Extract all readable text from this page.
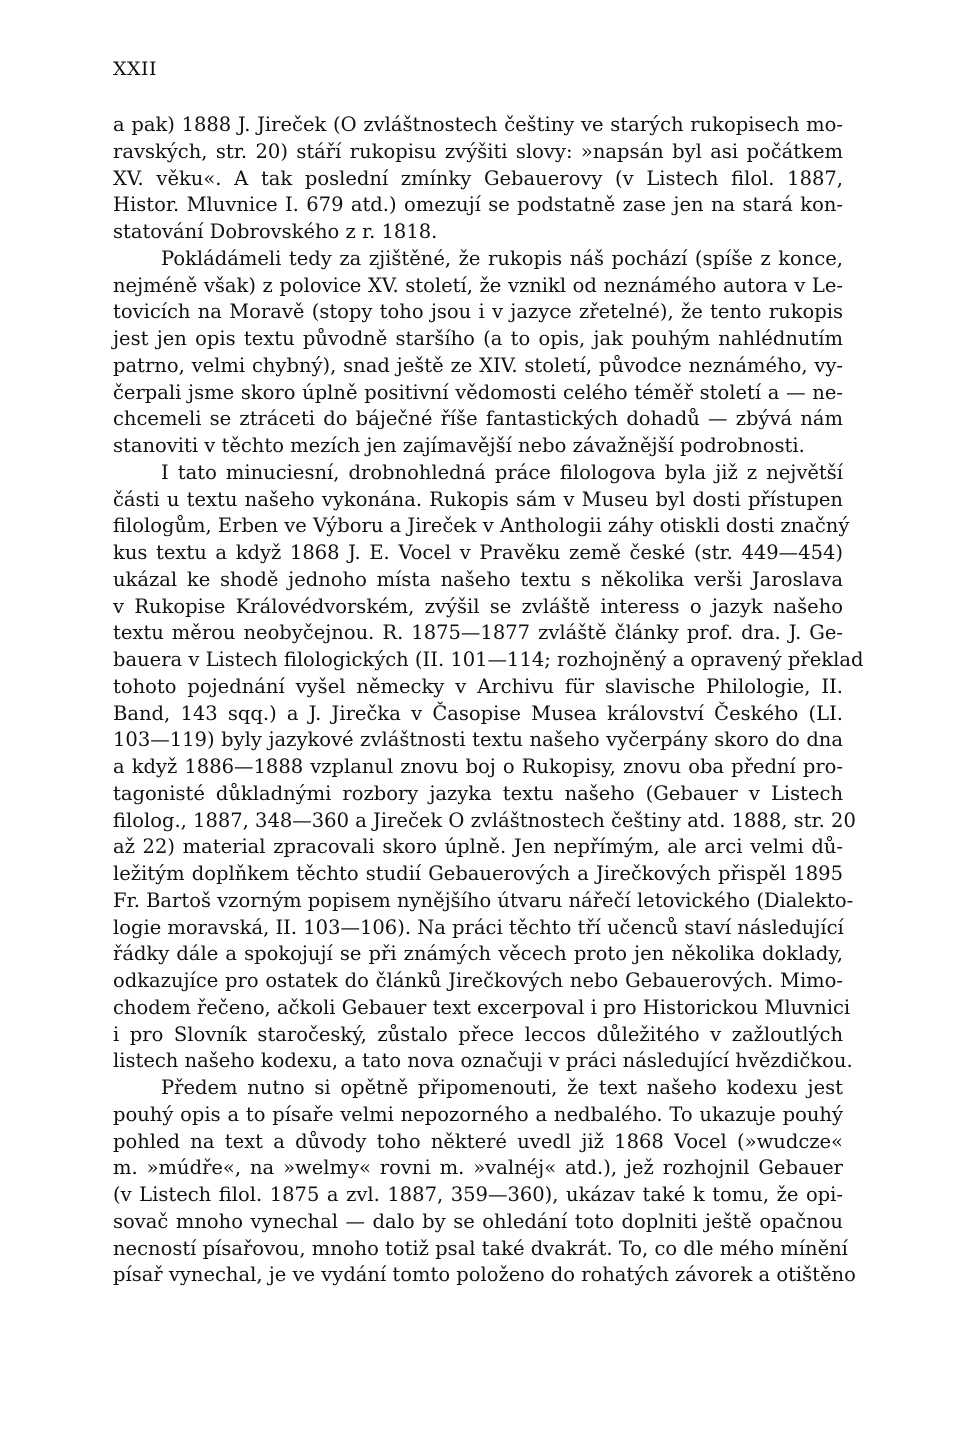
XXII
a pak) 1888 J. Jireček (O zvláštnostech češtiny ve starých rukopisech mo-
ravských, str. 20) stáří rukopisu zvýšiti slovy: »napsán byl asi počátkem
XV. věku«. A tak poslední zmínky Gebauerovy (v Listech filol. 1887,
Histor. Mluvnice I. 679 atd.) omezují se podstatně zase jen na stará kon-
statování Dobrovského z r. 1818.
Pokládámeli tedy za zjištěné, že rukopis náš pochází (spíše z konce,
nejméně však) z polovice XV. století, že vznikl od neznámého autora v Le-
tovicích na Moravě (stopy toho jsou i v jazyce zřetelné), že tento rukopis
jest jen opis textu původně staršího (a to opis, jak pouhým nahlédnutím
patrno, velmi chybný), snad ještě ze XIV. století, původce neznámého, vy-
čerpali jsme skoro úplně positivní vědomosti celého téměř století a — ne-
chcemeli se ztráceti do báječné říše fantastických dohadů — zbývá nám
stanoviti v těchto mezích jen zajímavější nebo závažnější podrobnosti.
I tato minuciesní, drobnohledná práce filologova byla již z největší
části u textu našeho vykonána. Rukopis sám v Museu byl dosti přístupen
filologům, Erben ve Výboru a Jireček v Anthologii záhy otiskli dosti značný
kus textu a když 1868 J. E. Vocel v Pravěku země české (str. 449—454)
ukázal ke shodě jednoho místa našeho textu s několika verši Jaroslava
v Rukopise Královédvorském, zvýšil se zvláště interess o jazyk našeho
textu měrou neobyčejnou. R. 1875—1877 zvláště články prof. dra. J. Ge-
bauera v Listech filologických (II. 101—114; rozhojněný a opravený překlad
tohoto pojednání vyšel německy v Archivu für slavische Philologie, II.
Band, 143 sqq.) a J. Jirečka v Časopise Musea království Českého (LI.
103—119) byly jazykové zvláštnosti textu našeho vyčerpány skoro do dna
a když 1886—1888 vzplanul znovu boj o Rukopisy, znovu oba přední pro-
tagonisté důkladnými rozbory jazyka textu našeho (Gebauer v Listech
filolog., 1887, 348—360 a Jireček O zvláštnostech češtiny atd. 1888, str. 20
až 22) material zpracovali skoro úplně. Jen nepřímým, ale arci velmi dů-
ležitým doplňkem těchto studií Gebauerových a Jirečkových přispěl 1895
Fr. Bartoš vzorným popisem nynějšího útvaru nářečí letovického (Dialekto-
logie moravská, II. 103—106). Na práci těchto tří učenců staví následující
řádky dále a spokojují se při známých věcech proto jen několika doklady,
odkazujíce pro ostatek do článků Jirečkových nebo Gebauerových. Mimo-
chodem řečeno, ačkoli Gebauer text excerpoval i pro Historickou Mluvnici
i pro Slovník staročeský, zůstalo přece leccos důležitého v zažloutlých
listech našeho kodexu, a tato nova označuji v práci následující hvězdičkou.
Předem nutno si opětně připomenouti, že text našeho kodexu jest
pouhý opis a to písaře velmi nepozorného a nedbalého. To ukazuje pouhý
pohled na text a důvody toho některé uvedl již 1868 Vocel (»wudcze«
m. »múdře«, na »welmy« rovni m. »valnéj« atd.), jež rozhojnil Gebauer
(v Listech filol. 1875 a zvl. 1887, 359—360), ukázav také k tomu, že opi-
sovač mnoho vynechal — dalo by se ohledání toto doplniti ještě opačnou
necností písařovou, mnoho totiž psal také dvakrát. To, co dle mého mínění
písař vynechal, je ve vydání tomto položeno do rohatých závorek a otištěno
